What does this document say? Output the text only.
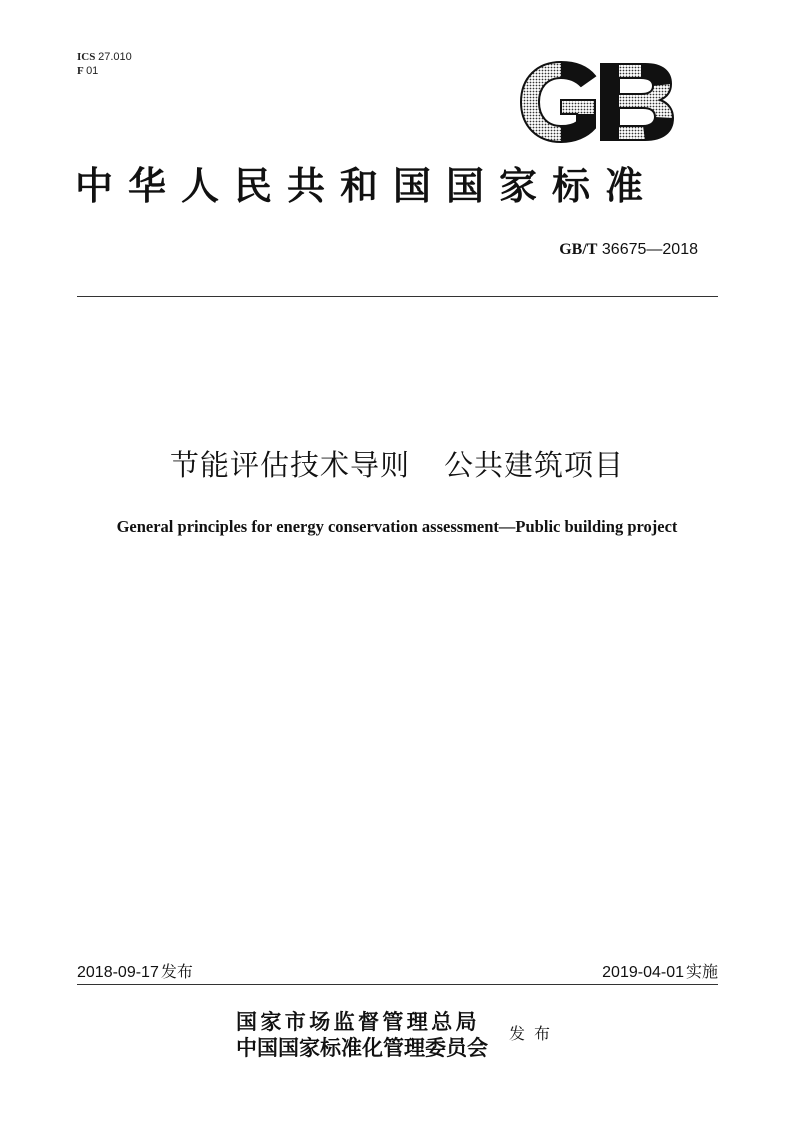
ICS 27.010
F 01
中华人民共和国国家标准
GB/T 36675—2018
节能评估技术导则 公共建筑项目
General principles for energy conservation assessment—Public building project
2018-09-17 发布	2019-04-01 实施
国家市场监督管理总局
中国国家标准化管理委员会
发布
